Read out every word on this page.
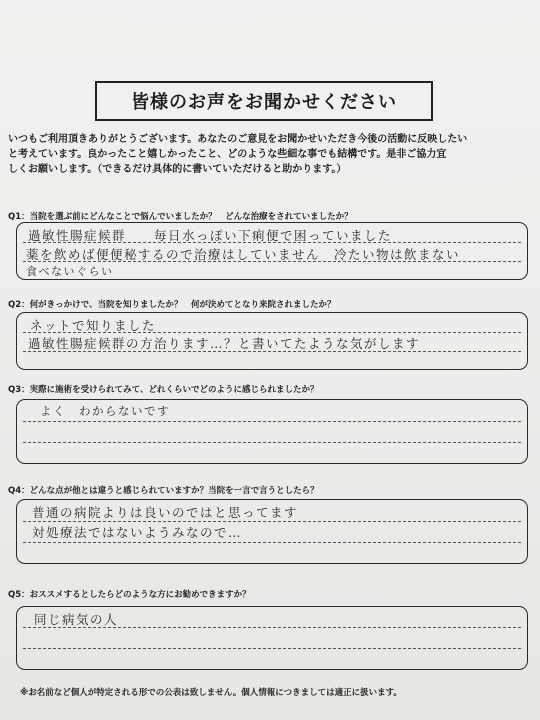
皆様のお声をお聞かせください
いつもご利用頂きありがとうございます。あなたのご意見をお聞かせいただき今後の活動に反映したい
と考えています。良かったこと嬉しかったこと、どのような些細な事でも結構です。是非ご協力宜
しくお願いします。（できるだけ具体的に書いていただけると助かります。）
Q1：当院を選ぶ前にどんなことで悩んでいましたか？　どんな治療をされていましたか？
過敏性腸症候群　　毎日水っぽい下痢便で困っていました
薬を飲めば便便秘するので治療はしていません　冷たい物は飲まない
食べないぐらい
Q2：何がきっかけで、当院を知りましたか？　何が決めてとなり来院されましたか？
ネットで知りました
過敏性腸症候群の方治ります…？と書いてたような気がします
Q3：実際に施術を受けられてみて、どれくらいでどのように感じられましたか？
よく　わからないです
Q4：どんな点が他とは違うと感じられていますか？当院を一言で言うとしたら？
普通の病院よりは良いのではと思ってます
対処療法ではないようみなので…
Q5：おススメするとしたらどのような方にお勧めできますか？
同じ病気の人
※お名前など個人が特定される形での公表は致しません。個人情報につきましては適正に扱います。
